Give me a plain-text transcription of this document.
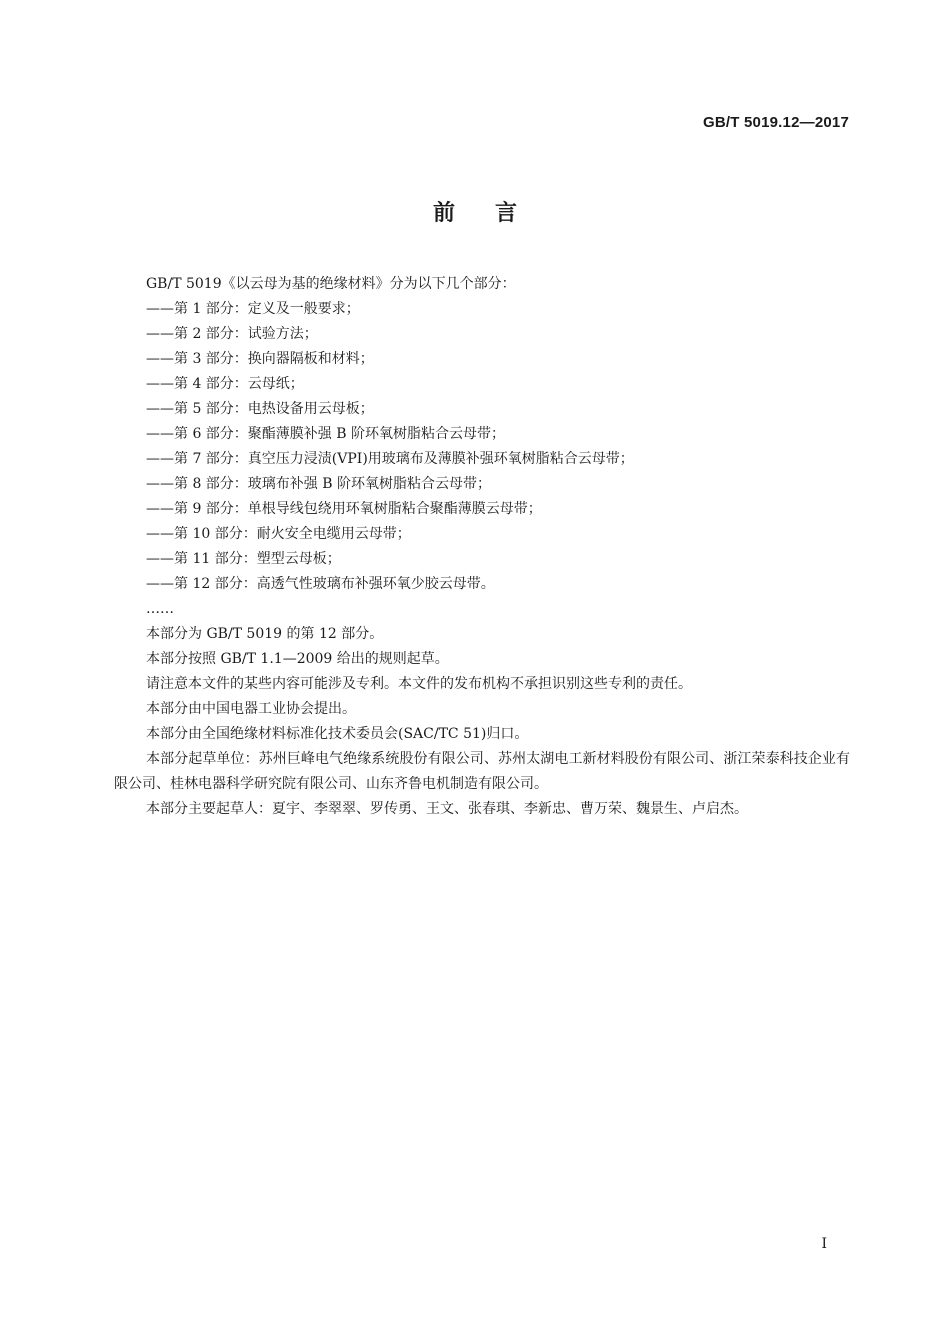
GB/T 5019.12—2017
前言

GB/T 5019《以云母为基的绝缘材料》分为以下几个部分：

——第 1 部分：定义及一般要求；

——第 2 部分：试验方法；

——第 3 部分：换向器隔板和材料；

——第 4 部分：云母纸；

——第 5 部分：电热设备用云母板；

——第 6 部分：聚酯薄膜补强 B 阶环氧树脂粘合云母带；

——第 7 部分：真空压力浸渍(VPI)用玻璃布及薄膜补强环氧树脂粘合云母带；

——第 8 部分：玻璃布补强 B 阶环氧树脂粘合云母带；

——第 9 部分：单根导线包绕用环氧树脂粘合聚酯薄膜云母带；

——第 10 部分：耐火安全电缆用云母带；

——第 11 部分：塑型云母板；

——第 12 部分：高透气性玻璃布补强环氧少胶云母带。

……

本部分为 GB/T 5019 的第 12 部分。

本部分按照 GB/T 1.1—2009 给出的规则起草。

请注意本文件的某些内容可能涉及专利。本文件的发布机构不承担识别这些专利的责任。

本部分由中国电器工业协会提出。

本部分由全国绝缘材料标准化技术委员会(SAC/TC 51)归口。

本部分起草单位：苏州巨峰电气绝缘系统股份有限公司、苏州太湖电工新材料股份有限公司、浙江荣泰科技企业有限公司、桂林电器科学研究院有限公司、山东齐鲁电机制造有限公司。

本部分主要起草人：夏宇、李翠翠、罗传勇、王文、张春琪、李新忠、曹万荣、魏景生、卢启杰。

I
